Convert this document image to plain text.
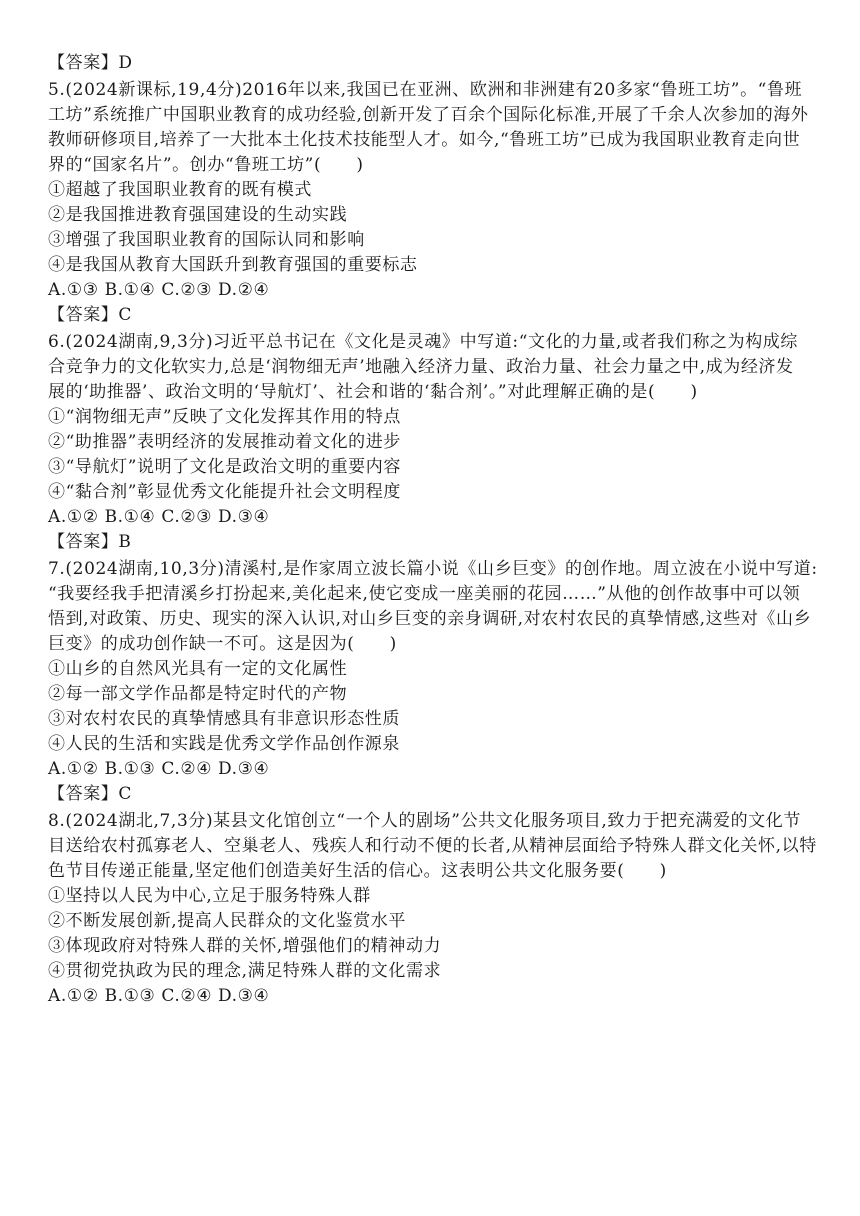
【答案】D
5.(2024新课标,19,4分)2016年以来,我国已在亚洲、欧洲和非洲建有20多家“鲁班工坊”。“鲁班
工坊”系统推广中国职业教育的成功经验,创新开发了百余个国际化标准,开展了千余人次参加的海外
教师研修项目,培养了一大批本土化技术技能型人才。如今,“鲁班工坊”已成为我国职业教育走向世
界的“国家名片”。创办“鲁班工坊”(　　)
①超越了我国职业教育的既有模式
②是我国推进教育强国建设的生动实践
③增强了我国职业教育的国际认同和影响
④是我国从教育大国跃升到教育强国的重要标志
A.①③ B.①④ C.②③ D.②④
【答案】C
6.(2024湖南,9,3分)习近平总书记在《文化是灵魂》中写道:“文化的力量,或者我们称之为构成综
合竞争力的文化软实力,总是‘润物细无声’地融入经济力量、政治力量、社会力量之中,成为经济发
展的‘助推器’、政治文明的‘导航灯’、社会和谐的‘黏合剂’。”对此理解正确的是(　　)
①“润物细无声”反映了文化发挥其作用的特点
②“助推器”表明经济的发展推动着文化的进步
③“导航灯”说明了文化是政治文明的重要内容
④“黏合剂”彰显优秀文化能提升社会文明程度
A.①② B.①④ C.②③ D.③④
【答案】B
7.(2024湖南,10,3分)清溪村,是作家周立波长篇小说《山乡巨变》的创作地。周立波在小说中写道:
“我要经我手把清溪乡打扮起来,美化起来,使它变成一座美丽的花园……”从他的创作故事中可以领
悟到,对政策、历史、现实的深入认识,对山乡巨变的亲身调研,对农村农民的真挚情感,这些对《山乡
巨变》的成功创作缺一不可。这是因为(　　)
①山乡的自然风光具有一定的文化属性
②每一部文学作品都是特定时代的产物
③对农村农民的真挚情感具有非意识形态性质
④人民的生活和实践是优秀文学作品创作源泉
A.①② B.①③ C.②④ D.③④
【答案】C
8.(2024湖北,7,3分)某县文化馆创立“一个人的剧场”公共文化服务项目,致力于把充满爱的文化节
目送给农村孤寡老人、空巢老人、残疾人和行动不便的长者,从精神层面给予特殊人群文化关怀,以特
色节目传递正能量,坚定他们创造美好生活的信心。这表明公共文化服务要(　　)
①坚持以人民为中心,立足于服务特殊人群
②不断发展创新,提高人民群众的文化鉴赏水平
③体现政府对特殊人群的关怀,增强他们的精神动力
④贯彻党执政为民的理念,满足特殊人群的文化需求
A.①② B.①③ C.②④ D.③④
